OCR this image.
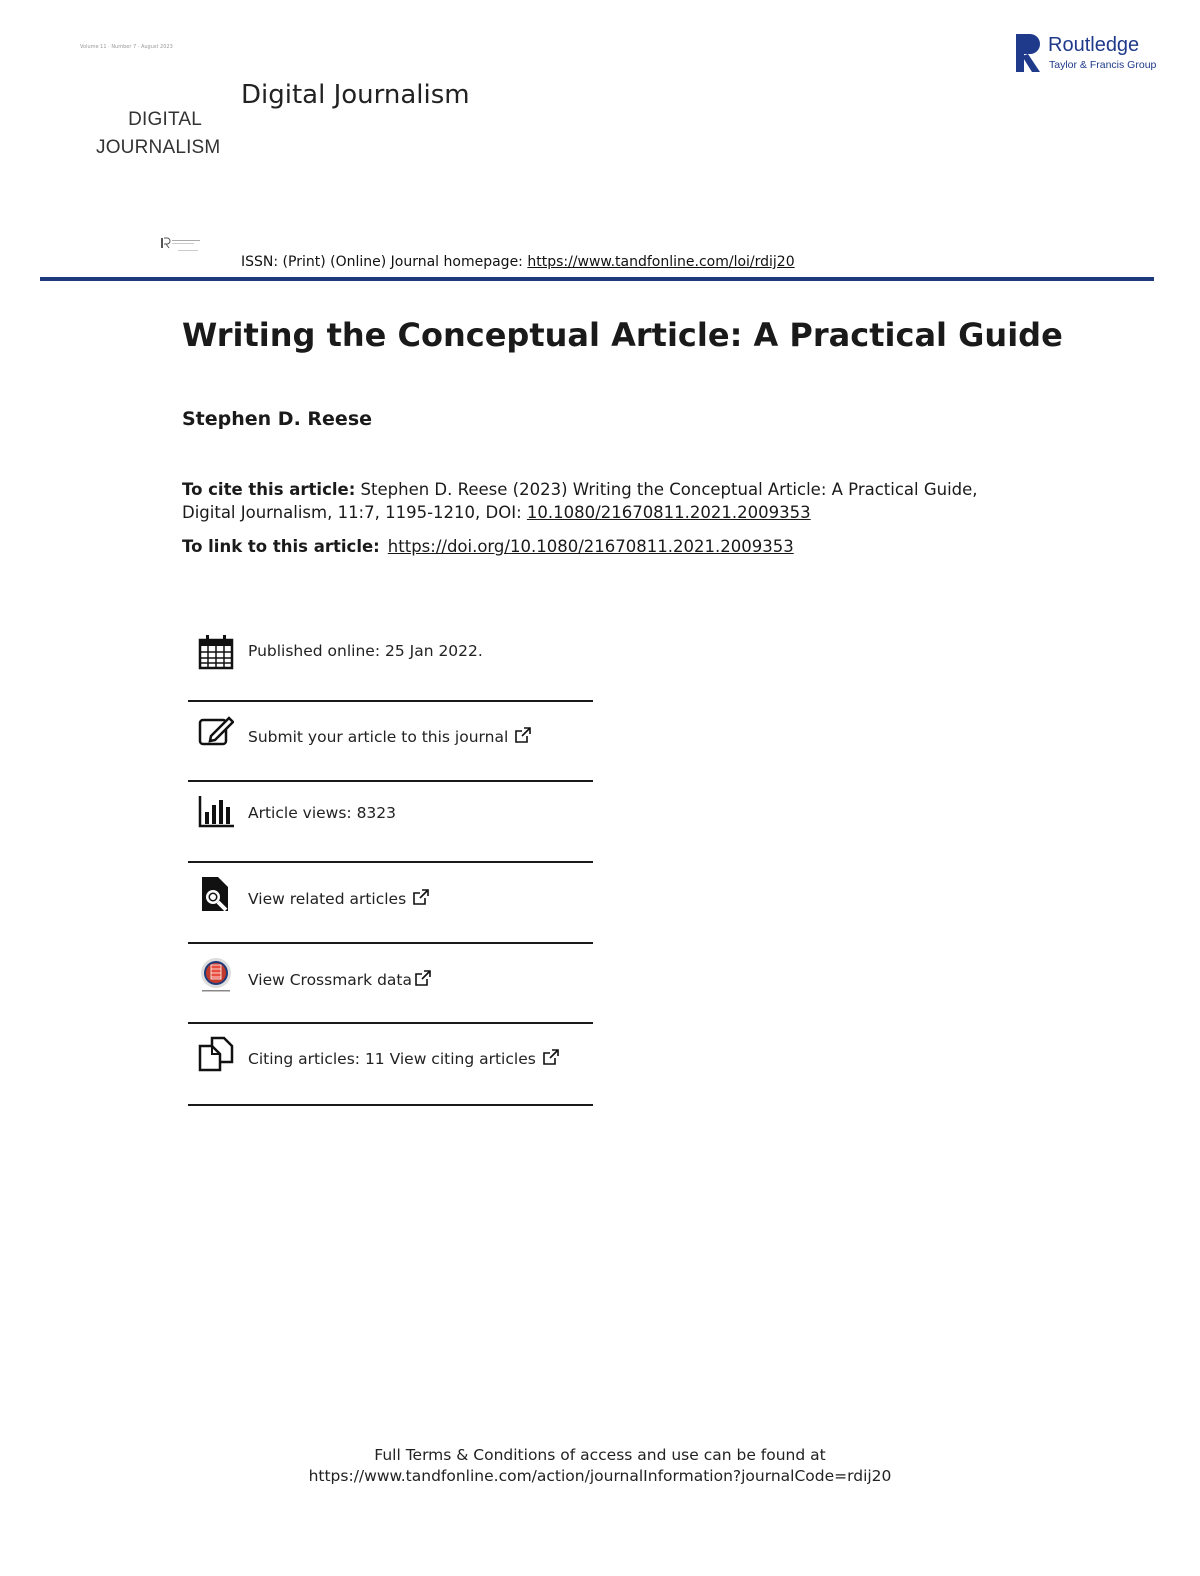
Volume 11 · Number 7 · August 2023
DIGITAL
JOURNALISM
Digital Journalism
Routledge
Taylor & Francis Group
ISSN: (Print) (Online) Journal homepage: https://www.tandfonline.com/loi/rdij20
Writing the Conceptual Article: A Practical Guide
Stephen D. Reese
To cite this article: Stephen D. Reese (2023) Writing the Conceptual Article: A Practical Guide, Digital Journalism, 11:7, 1195-1210, DOI: 10.1080/21670811.2021.2009353
To link to this article: https://doi.org/10.1080/21670811.2021.2009353
Published online: 25 Jan 2022.
Submit your article to this journal
Article views: 8323
View related articles
View Crossmark data
Citing articles: 11 View citing articles
Full Terms & Conditions of access and use can be found at
https://www.tandfonline.com/action/journalInformation?journalCode=rdij20
